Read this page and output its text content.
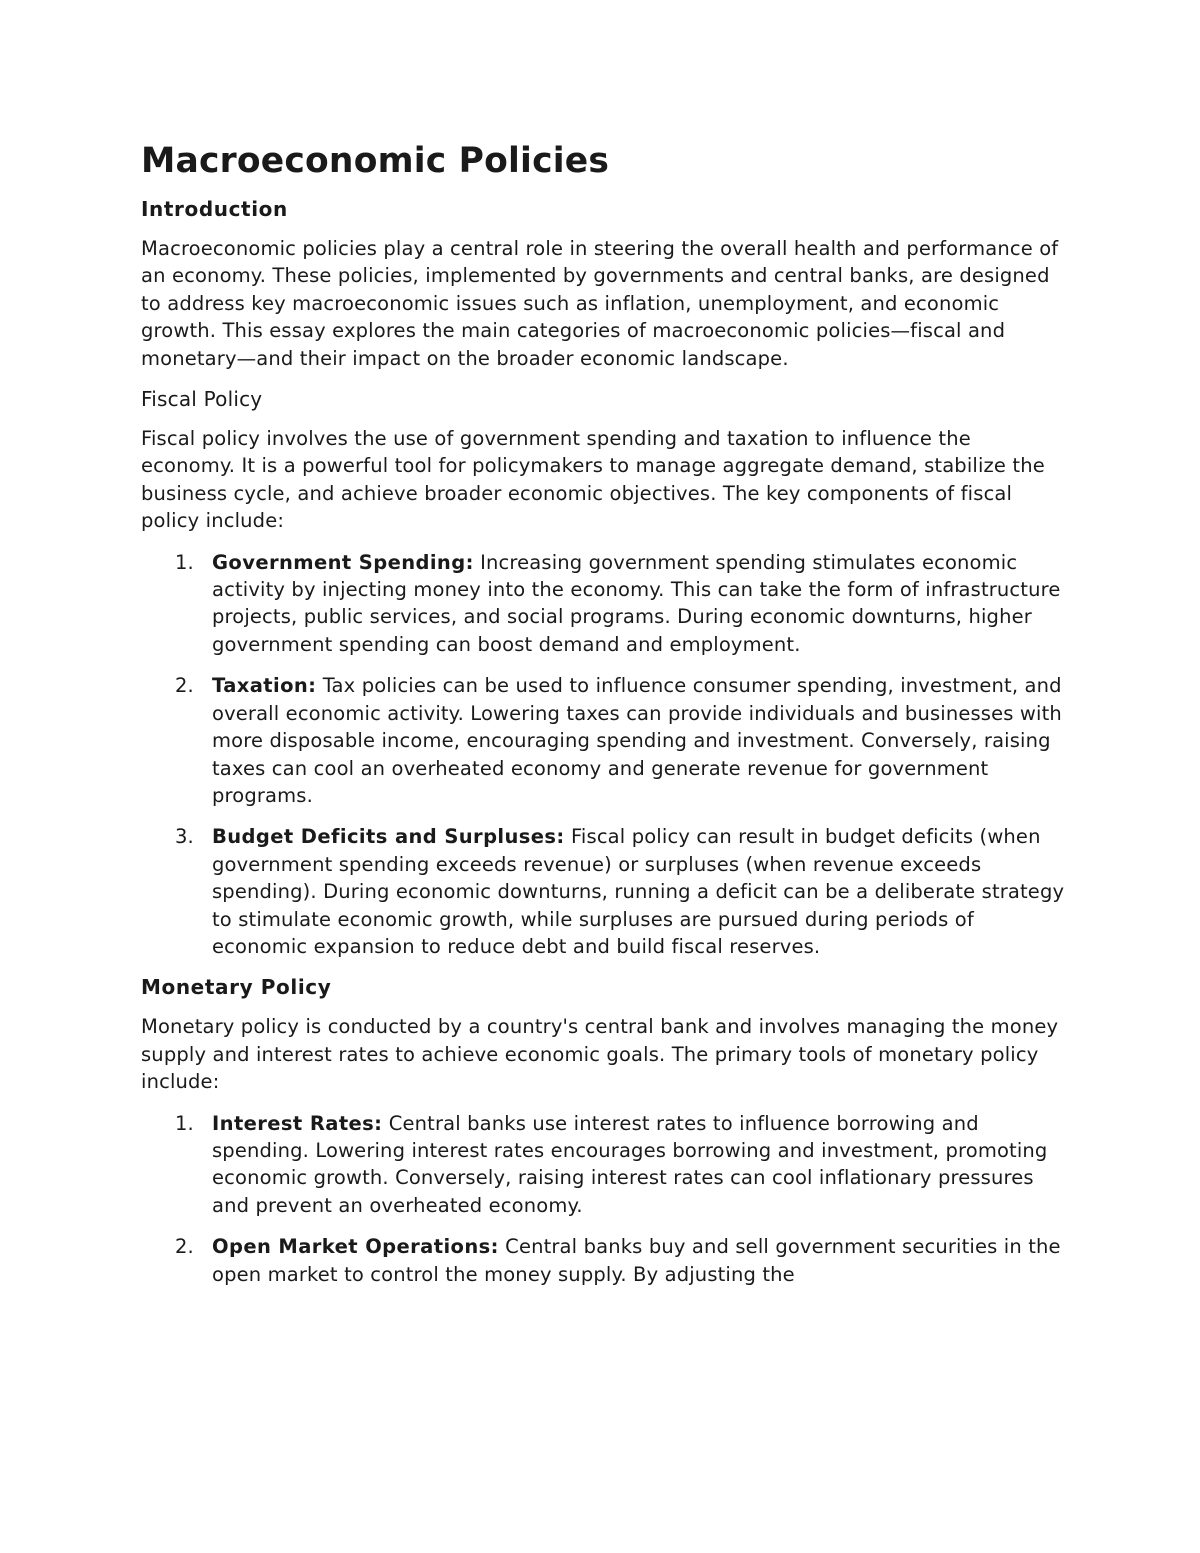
Macroeconomic Policies
Introduction

Macroeconomic policies play a central role in steering the overall health and performance of an economy. These policies, implemented by governments and central banks, are designed to address key macroeconomic issues such as inflation, unemployment, and economic growth. This essay explores the main categories of macroeconomic policies—fiscal and monetary—and their impact on the broader economic landscape.

Fiscal Policy

Fiscal policy involves the use of government spending and taxation to influence the economy. It is a powerful tool for policymakers to manage aggregate demand, stabilize the business cycle, and achieve broader economic objectives. The key components of fiscal policy include:

1. Government Spending: Increasing government spending stimulates economic activity by injecting money into the economy. This can take the form of infrastructure projects, public services, and social programs. During economic downturns, higher government spending can boost demand and employment.
2. Taxation: Tax policies can be used to influence consumer spending, investment, and overall economic activity. Lowering taxes can provide individuals and businesses with more disposable income, encouraging spending and investment. Conversely, raising taxes can cool an overheated economy and generate revenue for government programs.
3. Budget Deficits and Surpluses: Fiscal policy can result in budget deficits (when government spending exceeds revenue) or surpluses (when revenue exceeds spending). During economic downturns, running a deficit can be a deliberate strategy to stimulate economic growth, while surpluses are pursued during periods of economic expansion to reduce debt and build fiscal reserves.
Monetary Policy

Monetary policy is conducted by a country's central bank and involves managing the money supply and interest rates to achieve economic goals. The primary tools of monetary policy include:

1. Interest Rates: Central banks use interest rates to influence borrowing and spending. Lowering interest rates encourages borrowing and investment, promoting economic growth. Conversely, raising interest rates can cool inflationary pressures and prevent an overheated economy.
2. Open Market Operations: Central banks buy and sell government securities in the open market to control the money supply. By adjusting the
